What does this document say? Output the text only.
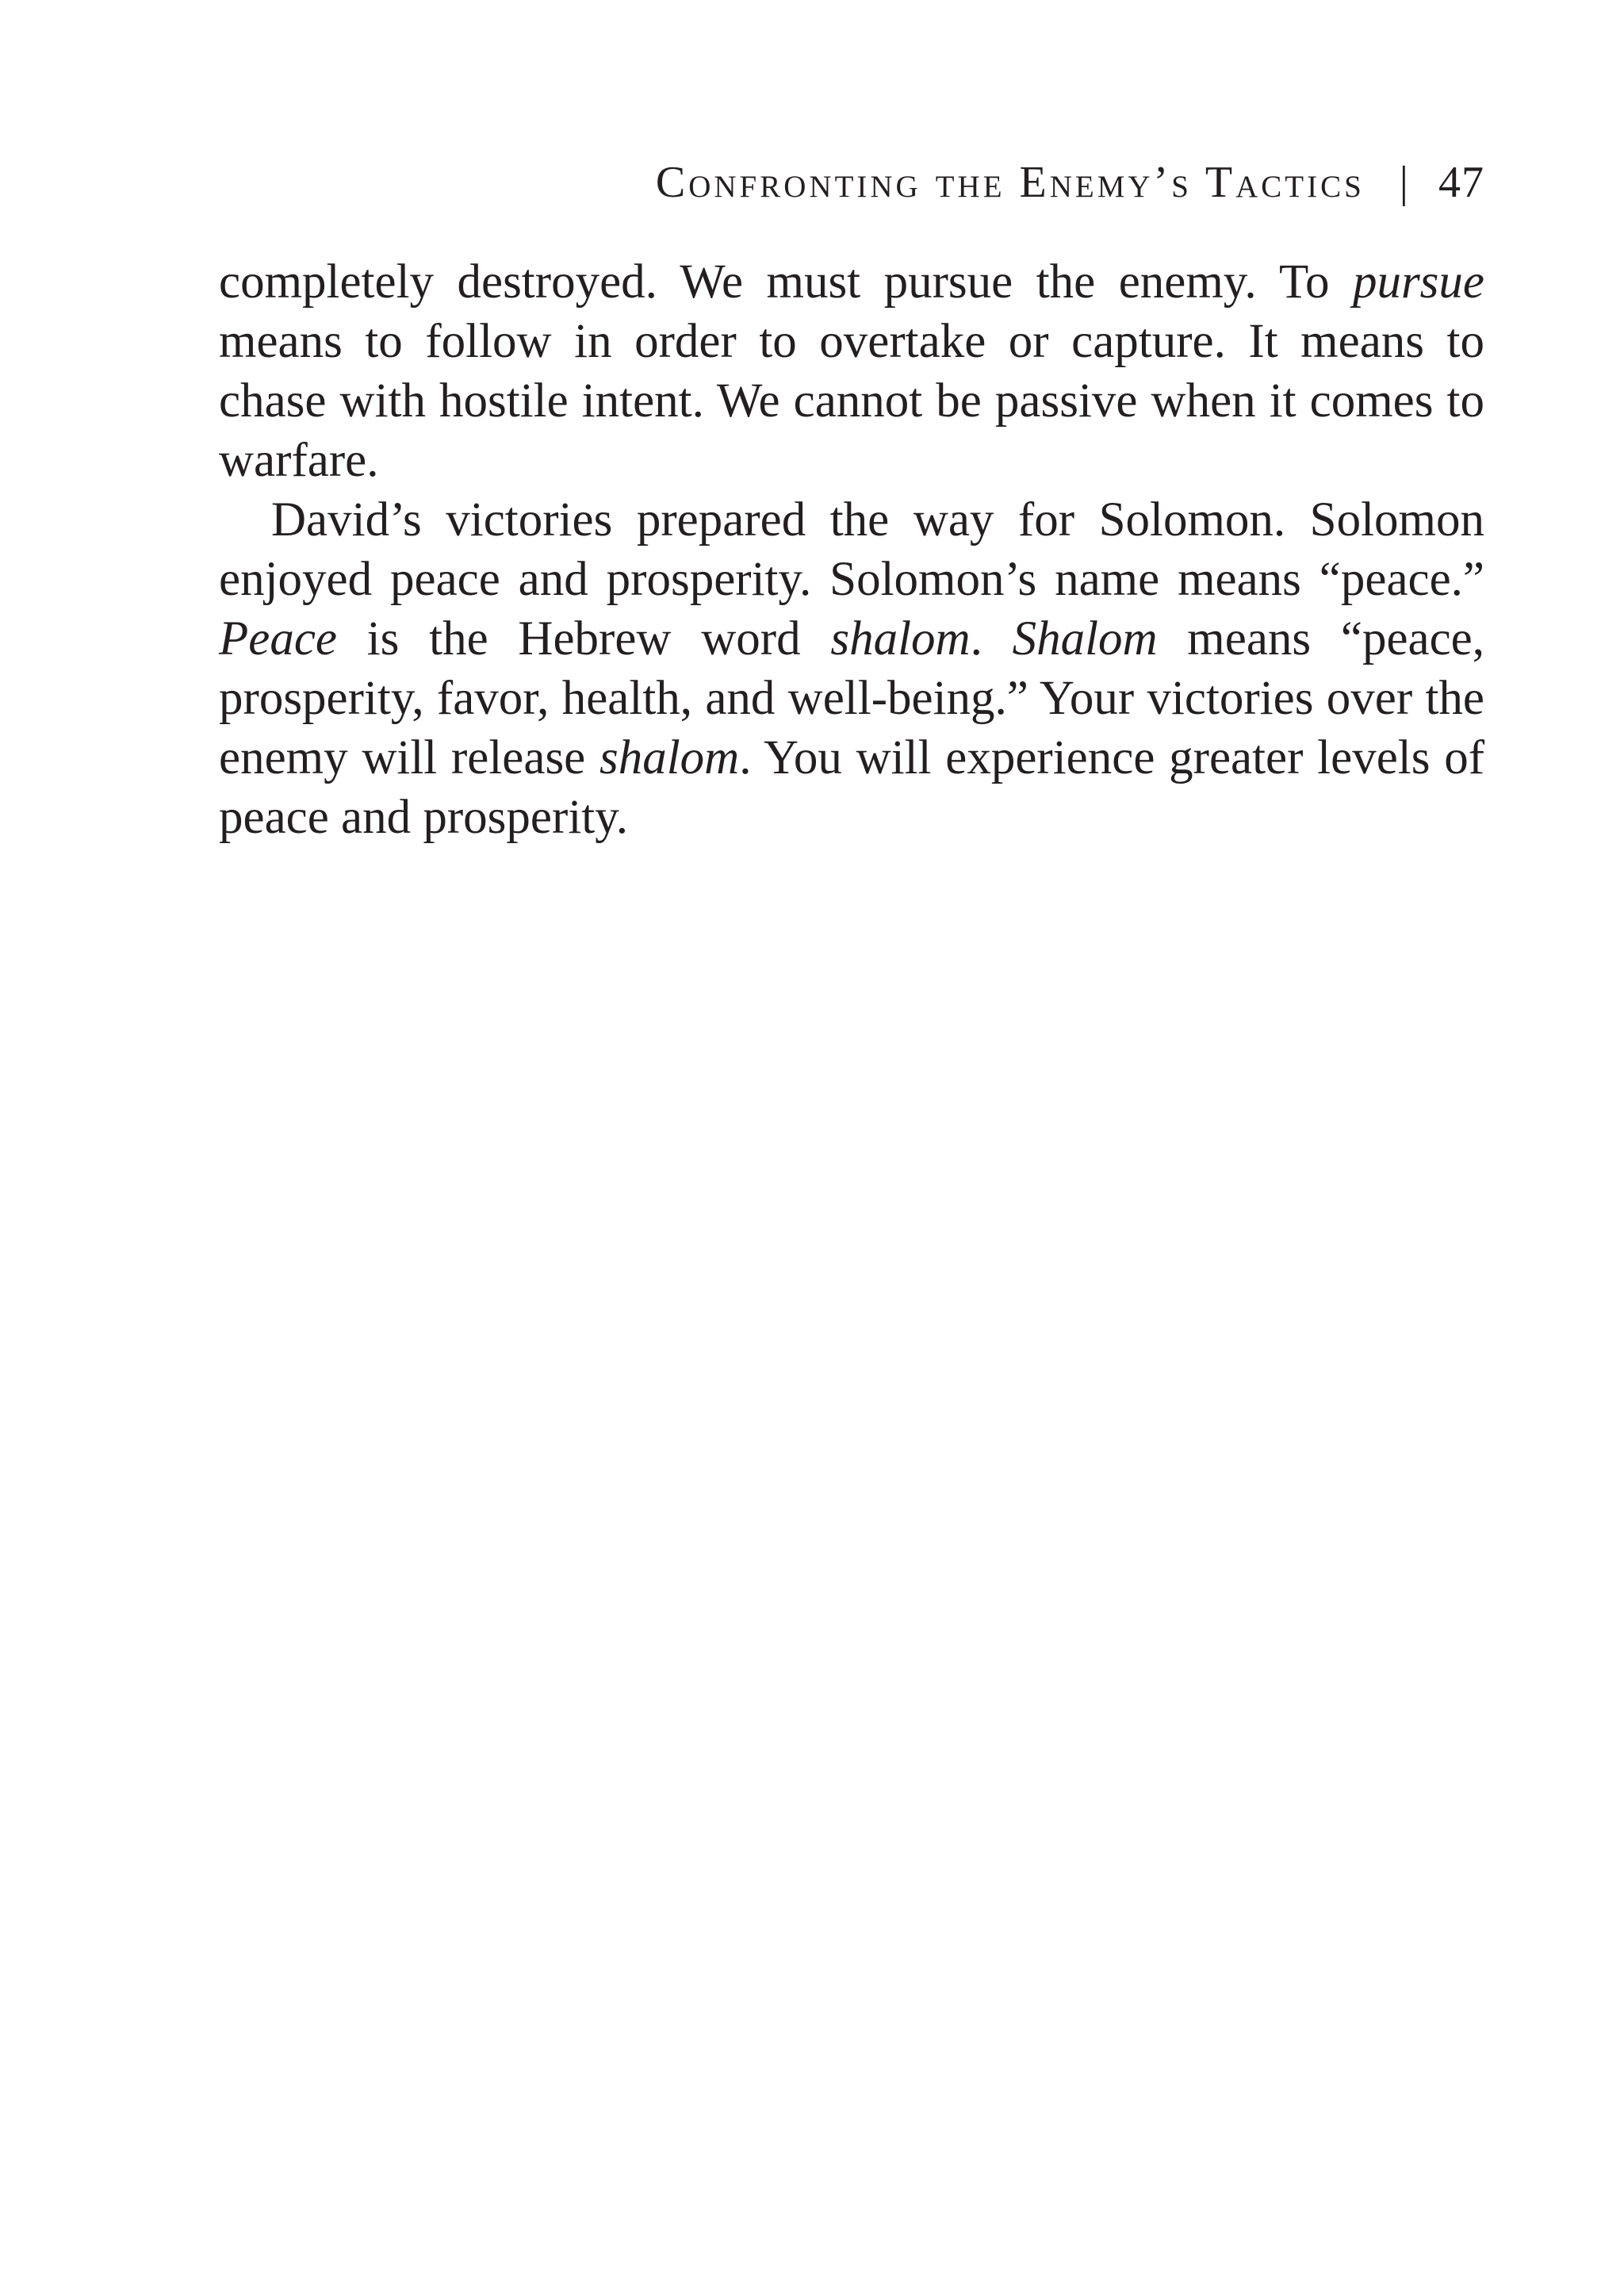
Confronting the Enemy’s Tactics | 47

completely destroyed. We must pursue the enemy. To pursue means to follow in order to overtake or capture. It means to chase with hostile intent. We cannot be passive when it comes to warfare.

David’s victories prepared the way for Solomon. Solomon enjoyed peace and prosperity. Solomon’s name means “peace.” Peace is the Hebrew word shalom. Shalom means “peace, prosperity, favor, health, and well-being.” Your victories over the enemy will release shalom. You will experience greater levels of peace and prosperity.
